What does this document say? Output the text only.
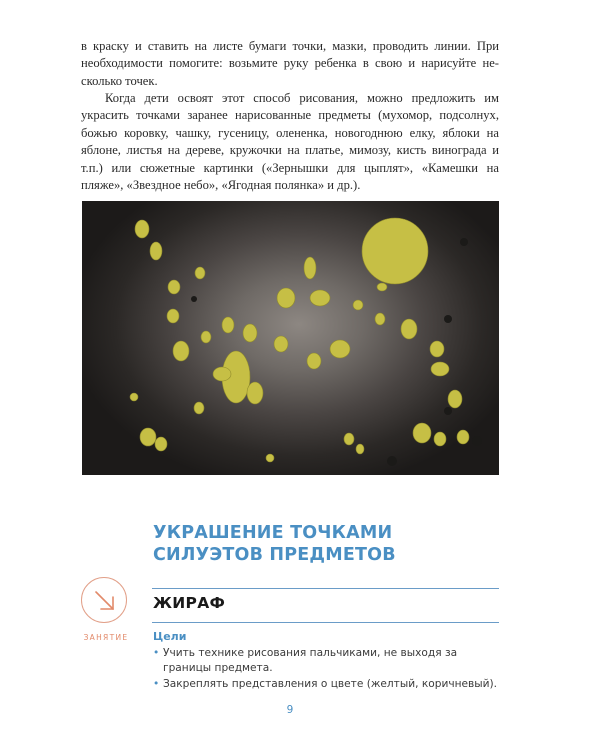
в краску и ставить на листе бумаги точки, мазки, проводить линии. При необходимости помогите: возьмите руку ребенка в свою и нарисуйте не-сколько точек.

Когда дети освоят этот способ рисования, можно предложить им украсить точками заранее нарисованные предметы (мухомор, подсолнух, божью коровку, чашку, гусеницу, олененка, новогоднюю елку, яблоки на яблоне, листья на дереве, кружочки на платье, мимозу, кисть винограда и т.п.) или сюжетные картинки («Зернышки для цыплят», «Камешки на пляже», «Звездное небо», «Ягодная полянка» и др.).

УКРАШЕНИЕ ТОЧКАМИ
СИЛУЭТОВ ПРЕДМЕТОВ
ЗАНЯТИЕ
ЖИРАФ
Цели
• Учить технике рисования пальчиками, не выходя за границы предмета.
• Закреплять представления о цвете (желтый, коричневый).
9
